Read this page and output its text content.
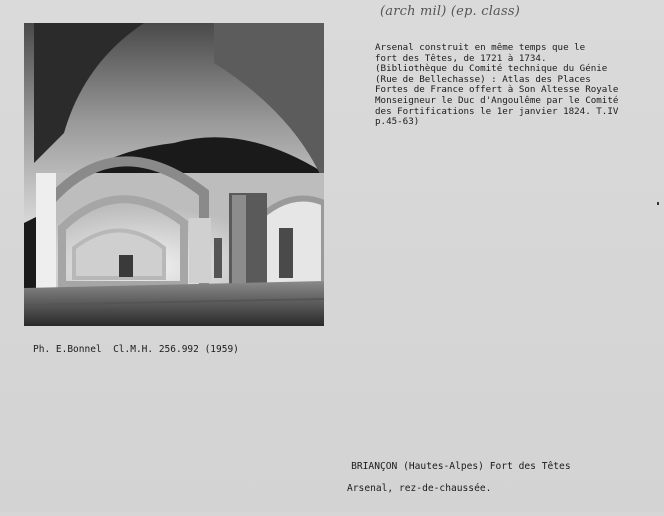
(arch mil) (ep. class)
Arsenal construit en même temps que le
fort des Têtes, de 1721 à 1734.
(Bibliothèque du Comité technique du Génie
(Rue de Bellechasse) : Atlas des Places
Fortes de France offert à Son Altesse Royale
Monseigneur le Duc d'Angoulême par le Comité
des Fortifications le 1er janvier 1824. T.IV
p.45-63)
Ph. E.Bonnel  Cl.M.H. 256.992 (1959)

BRIANÇON (Hautes-Alpes) Fort des Têtes

Arsenal, rez-de-chaussée.
